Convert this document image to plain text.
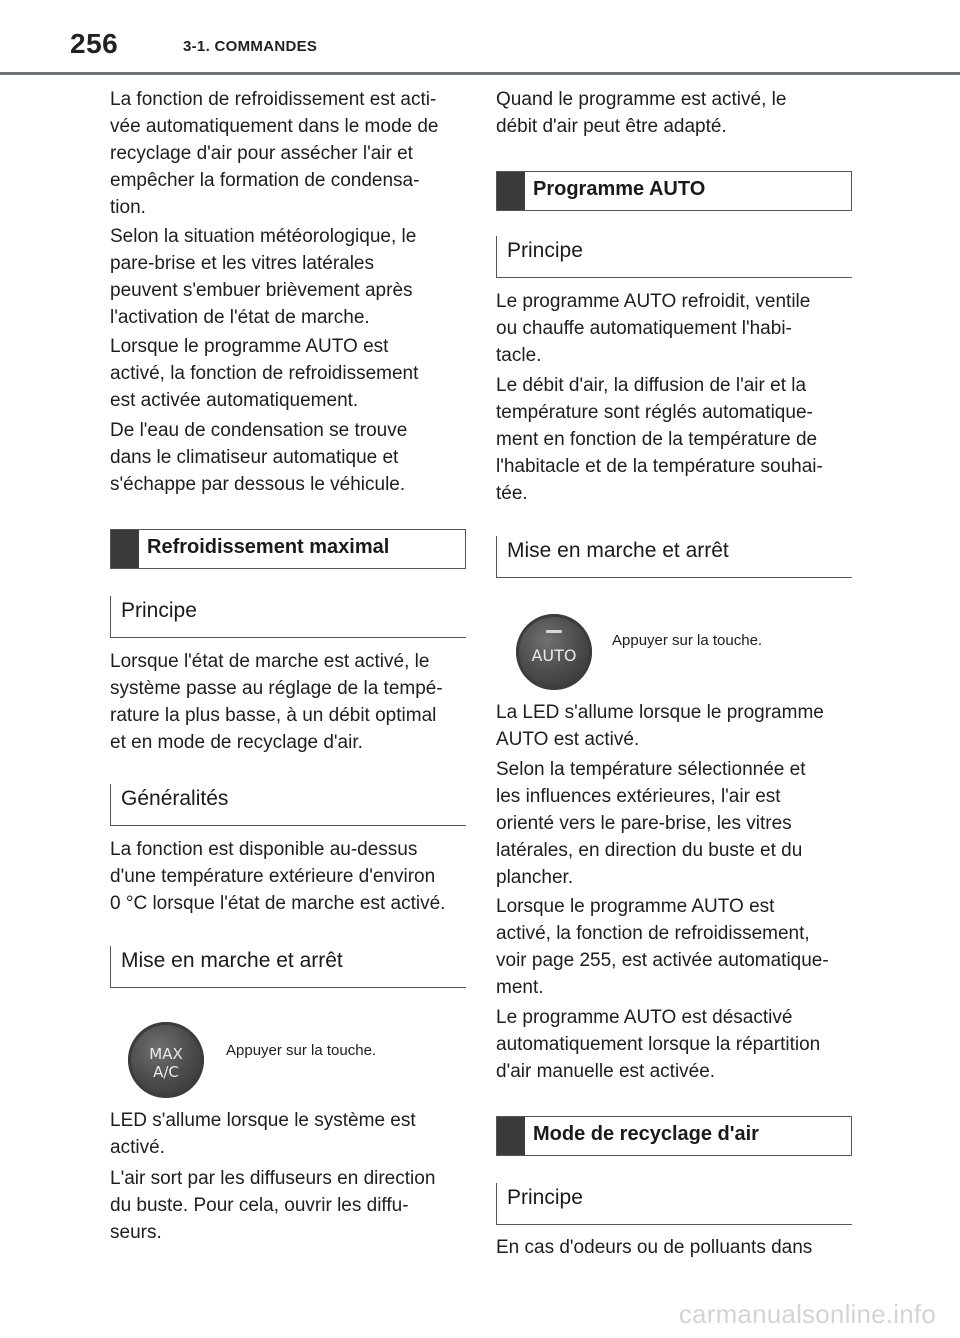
256	3-1. COMMANDES
La fonction de refroidissement est acti-
vée automatiquement dans le mode de
recyclage d'air pour assécher l'air et
empêcher la formation de condensa-
tion.
Selon la situation météorologique, le
pare-brise et les vitres latérales
peuvent s'embuer brièvement après
l'activation de l'état de marche.
Lorsque le programme AUTO est
activé, la fonction de refroidissement
est activée automatiquement.
De l'eau de condensation se trouve
dans le climatiseur automatique et
s'échappe par dessous le véhicule.
Refroidissement maximal
Principe
Lorsque l'état de marche est activé, le
système passe au réglage de la tempé-
rature la plus basse, à un débit optimal
et en mode de recyclage d'air.
Généralités
La fonction est disponible au-dessus
d'une température extérieure d'environ
0 °C lorsque l'état de marche est activé.
Mise en marche et arrêt
MAX
A/C
Appuyer sur la touche.
LED s'allume lorsque le système est
activé.
L'air sort par les diffuseurs en direction
du buste. Pour cela, ouvrir les diffu-
seurs.
Quand le programme est activé, le
débit d'air peut être adapté.
Programme AUTO
Principe
Le programme AUTO refroidit, ventile
ou chauffe automatiquement l'habi-
tacle.
Le débit d'air, la diffusion de l'air et la
température sont réglés automatique-
ment en fonction de la température de
l'habitacle et de la température souhai-
tée.
Mise en marche et arrêt
AUTO
Appuyer sur la touche.
La LED s'allume lorsque le programme
AUTO est activé.
Selon la température sélectionnée et
les influences extérieures, l'air est
orienté vers le pare-brise, les vitres
latérales, en direction du buste et du
plancher.
Lorsque le programme AUTO est
activé, la fonction de refroidissement,
voir page 255, est activée automatique-
ment.
Le programme AUTO est désactivé
automatiquement lorsque la répartition
d'air manuelle est activée.
Mode de recyclage d'air
Principe
En cas d'odeurs ou de polluants dans
carmanualsonline.info
